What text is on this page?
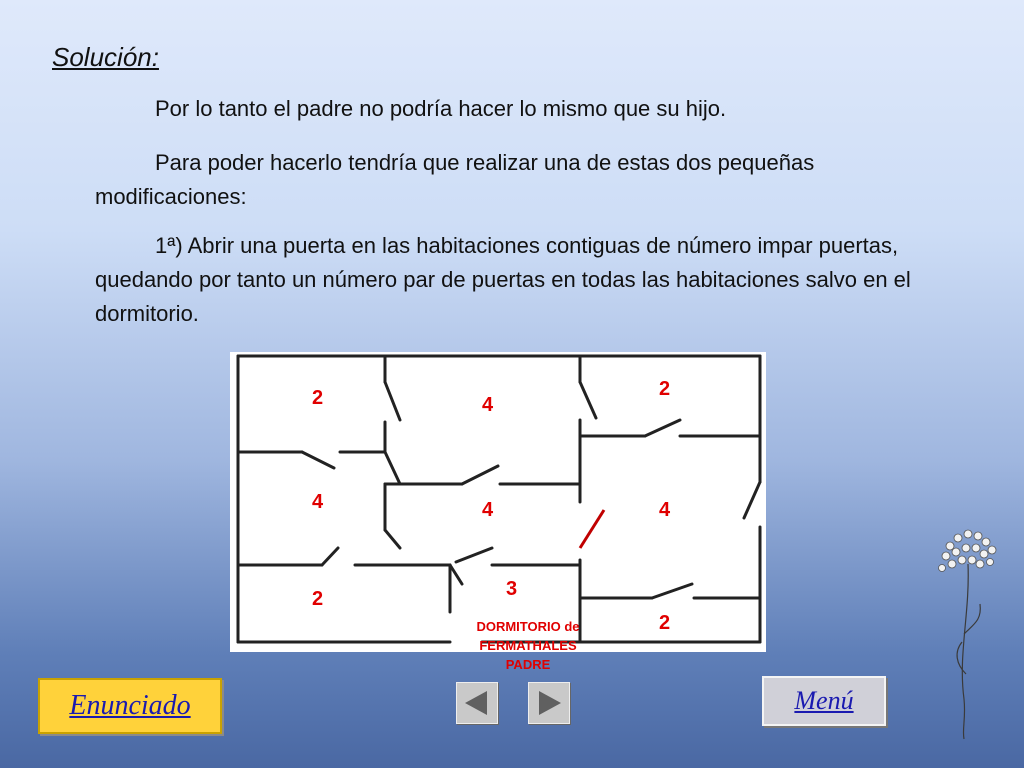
Solución:
Por lo tanto el padre no podría hacer lo mismo que su hijo.
Para poder hacerlo tendría que realizar una de estas dos pequeñas modificaciones:
1ª) Abrir una puerta en las habitaciones contiguas de número impar puertas, quedando por tanto un número par de puertas en todas las habitaciones salvo en el dormitorio.
2	4
2
4	4	4
2	3
2
DORMITORIO de
FERMATHALES
PADRE
Enunciado	Menú
